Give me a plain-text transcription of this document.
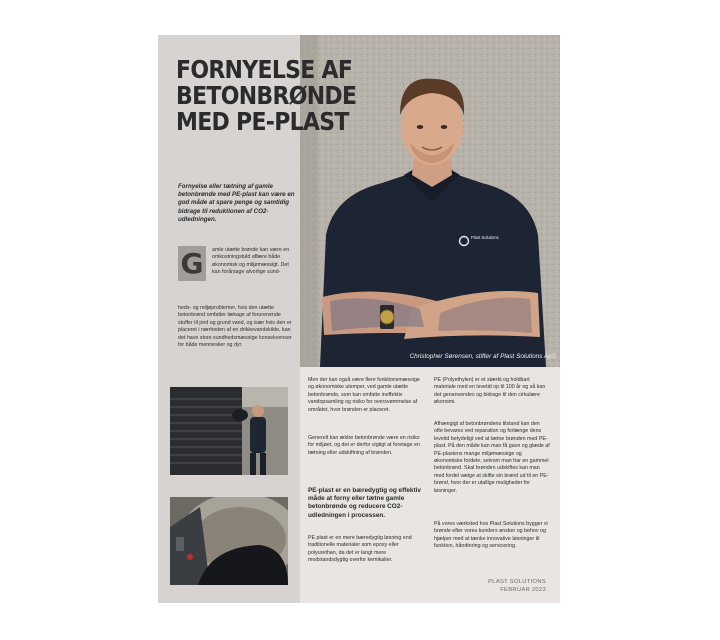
Plast Solutions
FORNYELSE AF
BETONBRØNDE
MED PE-PLAST

Fornyelse eller tætning af gamle betonbrønde med PE-plast kan være en god måde at spare penge og samtidig bidrage til reduktionen af CO2-udledningen.

G	amle utætte brønde kan være en omkostningstuld affære både økonomisk og miljømæssigt. Det kan forårsage alvorlige sund-

heds- og miljøproblemer, hvis den utætte betonbrønd omfatter lækage af forurenende stoffer til jord og grund vand, og især hvis den er placeret i nærheden af en drikkevandskilde, kan det have store sundhedsmæssige konsekvenser for både mennesker og dyr.

Christopher Sørensen, stifter af Plast Solutions ApS

Men der kan også være flere funktionsmæssige og økonomiske ulemper, ved gamle utætte betonbrønde, som kan omfatte ineffektiv vandopsamling og risiko for oversvømmelse af området, hvor brønden er placeret.

Generelt kan ældre betonbrønde være en risiko for miljøet, og det er derfor vigtigt at foretage en tætning eller udskiftning af brønden.

PE-plast er en bæredygtig og effektiv måde at forny eller tætne gamle betonbrønde og reducere CO2-udledningen i processen.

PE plast er en mere bæredygtig løsning end traditionelle materialer som epoxy eller polyurethan, da det er langt mere modstandsdygtig overfor kemikalier.

PE (Polyethylen) er et stærkt og holdbart materiale med en levetid op til 100 år og så kan det genanvendes og bidrage til den cirkulære økonomi.

Afhængigt af betonbrøndens tilstand kan den ofte bevares ved reparation og forlænge dens levetid betydeligt ved at tætne brønden med PE-plast. På den måde kan man få gavn og glæde af PE-plastens mange miljømæssige og økonomiske fordele, selvom man har en gammel betonbrønd. Skal brønden udskiftes kan man med fordel vælge at skifte sin brønd ud til en PE-brønd, hvor der er utallige muligheder for løsninger.

På vores værksted hos Plast Solutions bygger vi brønde efter vores kunders ønsker og behov og hjælper med at tænke innovative løsninger til funktion, håndtering og servicering.

PLAST SOLUTIONS
FEBRUAR 2023
